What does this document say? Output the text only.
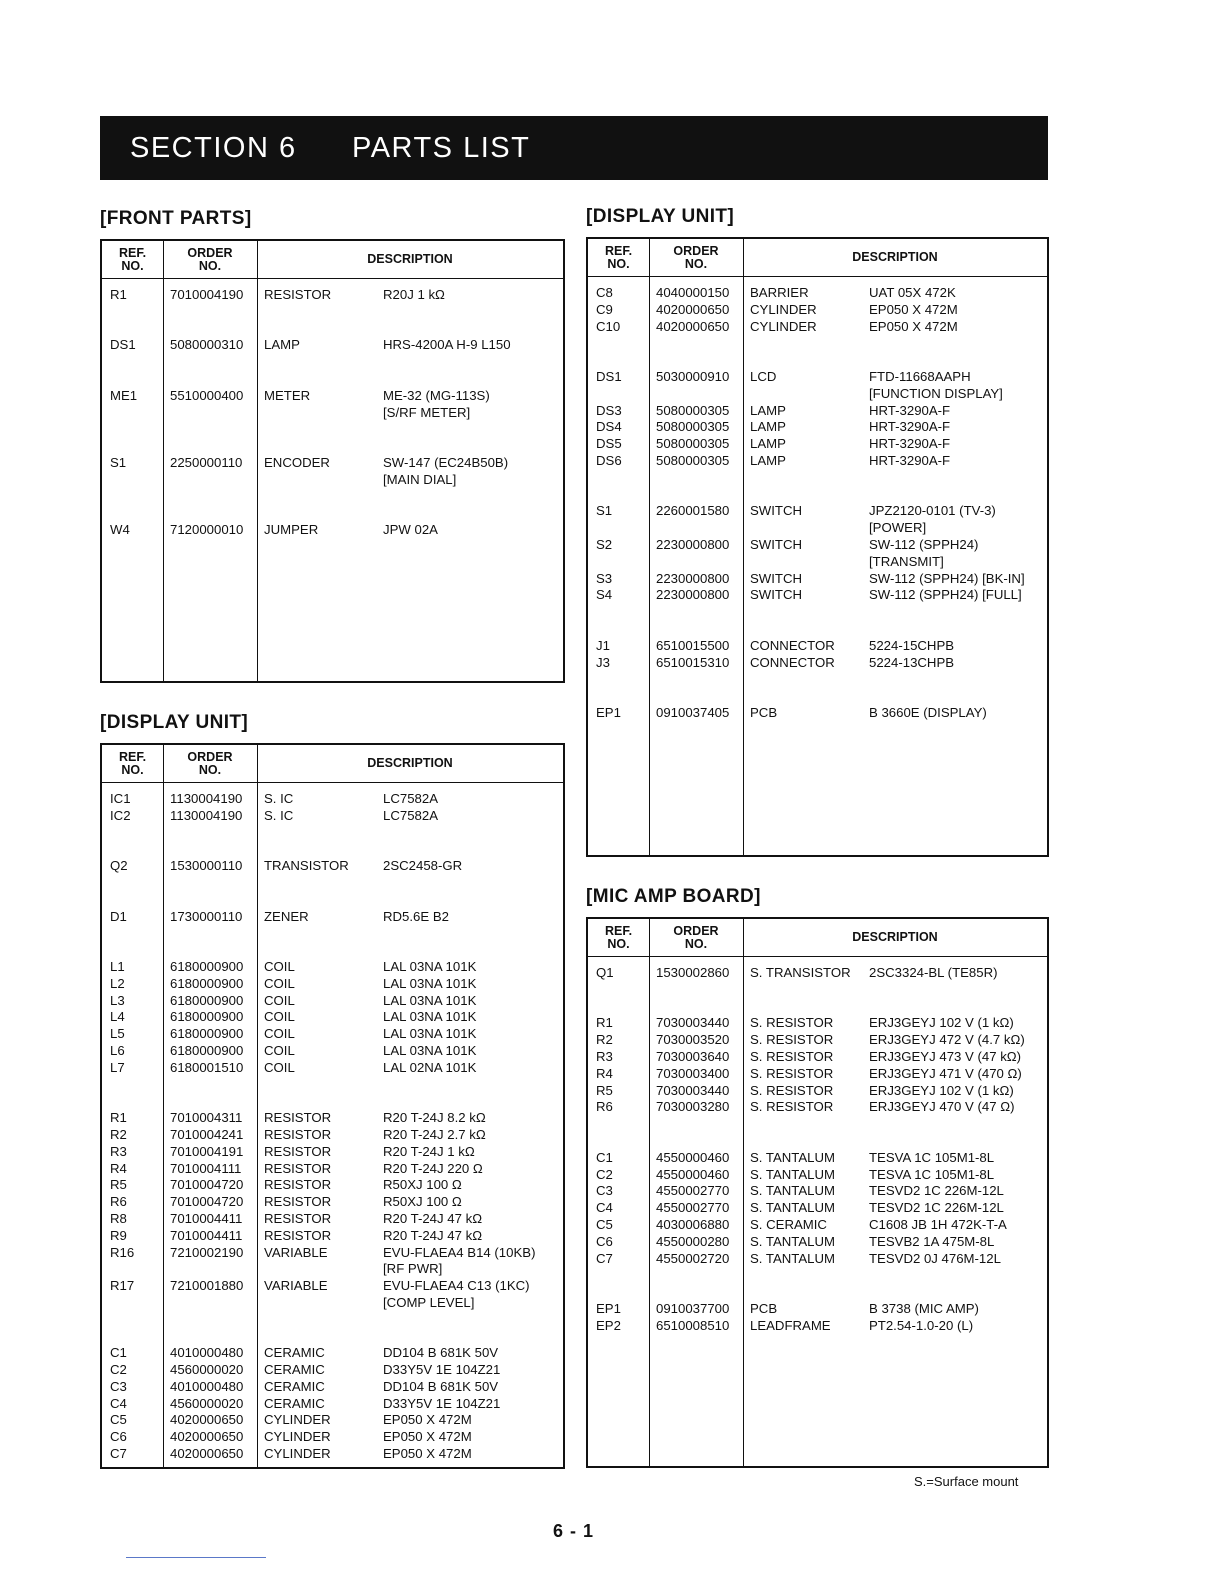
SECTION 6	PARTS LIST
[FRONT PARTS]
REF.
NO.
ORDER
NO.	DESCRIPTION
R1	7010004190 RESISTOR	R20J 1 kΩ
DS1	5080000310 LAMP	HRS-4200A H-9 L150
ME1 5510000400 METER	ME-32 (MG-113S)
[S/RF METER]
S1	2250000110 ENCODER	SW-147 (EC24B50B)
[MAIN DIAL]
W4	7120000010 JUMPER	JPW 02A
[DISPLAY UNIT]
REF.
NO.
ORDER
NO.	DESCRIPTION
IC1	1130004190 S. IC	LC7582A
IC2	1130004190 S. IC	LC7582A
Q2	1530000110 TRANSISTOR	2SC2458-GR
D1	1730000110 ZENER	RD5.6E B2
L1	6180000900 COIL	LAL 03NA 101K
L2	6180000900 COIL	LAL 03NA 101K
L3	6180000900 COIL	LAL 03NA 101K
L4	6180000900 COIL	LAL 03NA 101K
L5	6180000900 COIL	LAL 03NA 101K
L6	6180000900 COIL	LAL 03NA 101K
L7	6180001510 COIL	LAL 02NA 101K
R1	7010004311 RESISTOR	R20 T-24J 8.2 kΩ
R2	7010004241 RESISTOR	R20 T-24J 2.7 kΩ
R3	7010004191 RESISTOR	R20 T-24J 1 kΩ
R4	7010004111 RESISTOR	R20 T-24J 220 Ω
R5	7010004720 RESISTOR	R50XJ 100 Ω
R6	7010004720 RESISTOR	R50XJ 100 Ω
R8	7010004411 RESISTOR	R20 T-24J 47 kΩ
R9	7010004411 RESISTOR	R20 T-24J 47 kΩ
R16	7210002190 VARIABLE	EVU-FLAEA4 B14 (10KB)
[RF PWR]
R17	7210001880 VARIABLE	EVU-FLAEA4 C13 (1KC)
[COMP LEVEL]
C1	4010000480 CERAMIC	DD104 B 681K 50V
C2	4560000020 CERAMIC	D33Y5V 1E 104Z21
C3	4010000480 CERAMIC	DD104 B 681K 50V
C4	4560000020 CERAMIC	D33Y5V 1E 104Z21
C5	4020000650 CYLINDER	EP050 X 472M
C6	4020000650 CYLINDER	EP050 X 472M
C7	4020000650 CYLINDER	EP050 X 472M
[DISPLAY UNIT]
REF.
NO.
ORDER
NO.	DESCRIPTION
C8	4040000150 BARRIER	UAT 05X 472K
C9	4020000650 CYLINDER	EP050 X 472M
C10	4020000650 CYLINDER	EP050 X 472M
DS1	5030000910 LCD	FTD-11668AAPH
[FUNCTION DISPLAY]
DS3	5080000305 LAMP	HRT-3290A-F
DS4	5080000305 LAMP	HRT-3290A-F
DS5	5080000305 LAMP	HRT-3290A-F
DS6	5080000305 LAMP	HRT-3290A-F
S1	2260001580 SWITCH	JPZ2120-0101 (TV-3)
[POWER]
S2	2230000800 SWITCH	SW-112 (SPPH24)
[TRANSMIT]
S3	2230000800 SWITCH	SW-112 (SPPH24) [BK-IN]
S4	2230000800 SWITCH	SW-112 (SPPH24) [FULL]
J1	6510015500 CONNECTOR	5224-15CHPB
J3	6510015310 CONNECTOR	5224-13CHPB
EP1	0910037405 PCB	B 3660E (DISPLAY)
[MIC AMP BOARD]
REF.
NO.
ORDER
NO.	DESCRIPTION
Q1	1530002860 S. TRANSISTOR 2SC3324-BL (TE85R)
R1	7030003440 S. RESISTOR	ERJ3GEYJ 102 V (1 kΩ)
R2	7030003520 S. RESISTOR	ERJ3GEYJ 472 V (4.7 kΩ)
R3	7030003640 S. RESISTOR	ERJ3GEYJ 473 V (47 kΩ)
R4	7030003400 S. RESISTOR	ERJ3GEYJ 471 V (470 Ω)
R5	7030003440 S. RESISTOR	ERJ3GEYJ 102 V (1 kΩ)
R6	7030003280 S. RESISTOR	ERJ3GEYJ 470 V (47 Ω)
C1	4550000460 S. TANTALUM	TESVA 1C 105M1-8L
C2	4550000460 S. TANTALUM	TESVA 1C 105M1-8L
C3	4550002770 S. TANTALUM	TESVD2 1C 226M-12L
C4	4550002770 S. TANTALUM	TESVD2 1C 226M-12L
C5	4030006880 S. CERAMIC	C1608 JB 1H 472K-T-A
C6	4550000280 S. TANTALUM	TESVB2 1A 475M-8L
C7	4550002720 S. TANTALUM	TESVD2 0J 476M-12L
EP1	0910037700 PCB	B 3738 (MIC AMP)
EP2	6510008510 LEADFRAME	PT2.54-1.0-20 (L)
S.=Surface mount
6 - 1
